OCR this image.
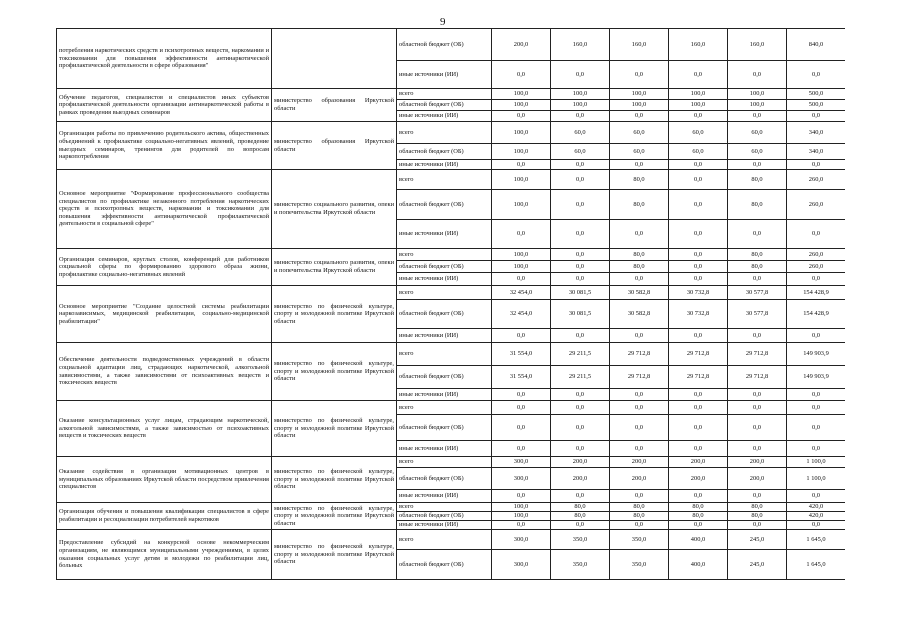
9
потребления наркотических средств и психотропных веществ, наркомании и токсикомании для повышения эффективности антинаркотической профилактической деятельности в сфере образования"		областной бюджет (ОБ)	200,0	160,0	160,0	160,0	160,0	840,0
		иные источники (ИИ)	0,0	0,0	0,0	0,0	0,0	0,0
Обучение педагогов, специалистов и специалистов иных субъектов профилактической деятельности организации антинаркотической работы в рамках проведения выездных семинаров	министерство образования Иркутской области	всего	100,0	100,0	100,0	100,0	100,0	500,0
		областной бюджет (ОБ)	100,0	100,0	100,0	100,0	100,0	500,0
		иные источники (ИИ)	0,0	0,0	0,0	0,0	0,0	0,0
Организация работы по привлечению родительского актива, общественных объединений к профилактике социально-негативных явлений, проведение выездных семинаров, тренингов для родителей по вопросам наркопотребления	министерство образования Иркутской области	всего	100,0	60,0	60,0	60,0	60,0	340,0
		областной бюджет (ОБ)	100,0	60,0	60,0	60,0	60,0	340,0
		иные источники (ИИ)	0,0	0,0	0,0	0,0	0,0	0,0
Основное мероприятие "Формирование профессионального сообщества специалистов по профилактике незаконного потребления наркотических средств и психотропных веществ, наркомании и токсикомании для повышения эффективности антинаркотической профилактической деятельности в социальной сфере"	министерство социального развития, опеки и попечительства Иркутской области	всего	100,0	0,0	80,0	0,0	80,0	260,0
		областной бюджет (ОБ)	100,0	0,0	80,0	0,0	80,0	260,0
		иные источники (ИИ)	0,0	0,0	0,0	0,0	0,0	0,0
Организация семинаров, круглых столов, конференций для работников социальной сферы по формированию здорового образа жизни, профилактике социально-негативных явлений	министерство социального развития, опеки и попечительства Иркутской области	всего	100,0	0,0	80,0	0,0	80,0	260,0
		областной бюджет (ОБ)	100,0	0,0	80,0	0,0	80,0	260,0
		иные источники (ИИ)	0,0	0,0	0,0	0,0	0,0	0,0
Основное мероприятие "Создание целостной системы реабилитации наркозависимых, медицинской реабилитации, социально-медицинской реабилитации"	министерство по физической культуре, спорту и молодежной политике Иркутской области	всего	32 454,0	30 081,5	30 582,8	30 732,8	30 577,8	154 428,9
		областной бюджет (ОБ)	32 454,0	30 081,5	30 582,8	30 732,8	30 577,8	154 428,9
		иные источники (ИИ)	0,0	0,0	0,0	0,0	0,0	0,0
Обеспечение деятельности подведомственных учреждений в области социальной адаптации лиц, страдающих наркотической, алкогольной зависимостями, а также зависимостями от психоактивных веществ и токсических веществ	министерство по физической культуре, спорту и молодежной политике Иркутской области	всего	31 554,0	29 211,5	29 712,8	29 712,8	29 712,8	149 903,9
		областной бюджет (ОБ)	31 554,0	29 211,5	29 712,8	29 712,8	29 712,8	149 903,9
		иные источники (ИИ)	0,0	0,0	0,0	0,0	0,0	0,0
Оказание консультационных услуг лицам, страдающим наркотической, алкогольной зависимостями, а также зависимостью от психоактивных веществ и токсических веществ	министерство по физической культуре, спорту и молодежной политике Иркутской области	всего	0,0	0,0	0,0	0,0	0,0	0,0
		областной бюджет (ОБ)	0,0	0,0	0,0	0,0	0,0	0,0
		иные источники (ИИ)	0,0	0,0	0,0	0,0	0,0	0,0
Оказание содействия в организации мотивационных центров в муниципальных образованиях Иркутской области посредством привлечения специалистов	министерство по физической культуре, спорту и молодежной политике Иркутской области	всего	300,0	200,0	200,0	200,0	200,0	1 100,0
		областной бюджет (ОБ)	300,0	200,0	200,0	200,0	200,0	1 100,0
		иные источники (ИИ)	0,0	0,0	0,0	0,0	0,0	0,0
Организация обучения и повышения квалификации специалистов в сфере реабилитации и ресоциализации потребителей наркотиков	министерство по физической культуре, спорту и молодежной политике Иркутской области	всего	100,0	80,0	80,0	80,0	80,0	420,0
		областной бюджет (ОБ)	100,0	80,0	80,0	80,0	80,0	420,0
		иные источники (ИИ)	0,0	0,0	0,0	0,0	0,0	0,0
Предоставление субсидий на конкурсной основе некоммерческим организациям, не являющимся муниципальными учреждениями, в целях оказания социальных услуг детям и молодежи по реабилитации лиц, больных	министерство по физической культуре, спорту и молодежной политике Иркутской области	всего	300,0	350,0	350,0	400,0	245,0	1 645,0
		областной бюджет (ОБ)	300,0	350,0	350,0	400,0	245,0	1 645,0
